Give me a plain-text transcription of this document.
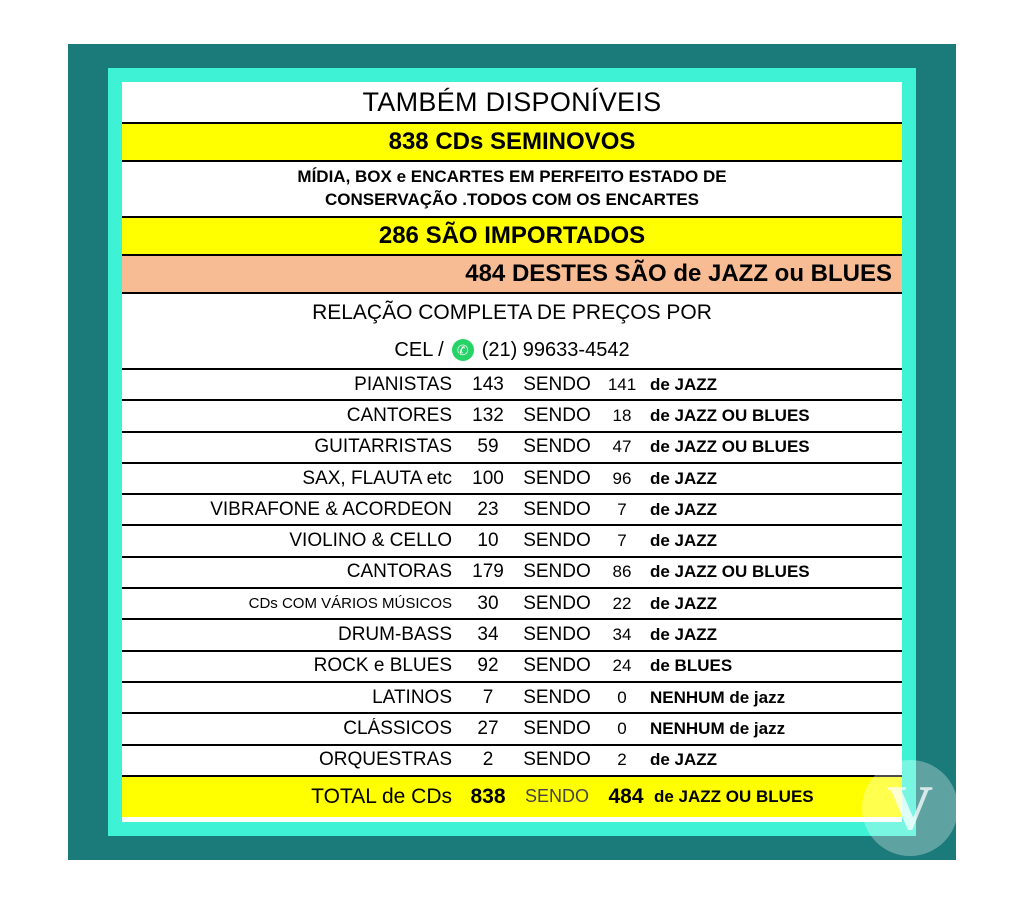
TAMBÉM DISPONÍVEIS
838
CDs SEMINOVOS
MÍDIA, BOX e ENCARTES EM PERFEITO ESTADO DE
CONSERVAÇÃO .TODOS COM OS ENCARTES
286
SÃO IMPORTADOS
484
DESTES SÃO de JAZZ ou BLUES
RELAÇÃO COMPLETA DE PREÇOS POR
CEL / ✆ (21) 99633-4542
PIANISTAS	143	SENDO	141 de JAZZ
CANTORES	132	SENDO	18	de JAZZ OU BLUES
GUITARRISTAS	59	SENDO	47	de JAZZ OU BLUES
SAX, FLAUTA etc	100	SENDO	96	de JAZZ
VIBRAFONE & ACORDEON	23	SENDO	7	de JAZZ
VIOLINO & CELLO	10	SENDO	7	de JAZZ
CANTORAS	179	SENDO	86	de JAZZ OU BLUES
CDs COM VÁRIOS MÚSICOS	30	SENDO	22	de JAZZ
DRUM-BASS	34	SENDO	34	de JAZZ
ROCK e BLUES	92	SENDO	24	de BLUES
LATINOS	7	SENDO	0	NENHUM de jazz
CLÁSSICOS	27	SENDO	0	NENHUM de jazz
ORQUESTRAS	2	SENDO	2	de JAZZ
TOTAL de CDs 838	SENDO 484 de JAZZ OU BLUES	V
